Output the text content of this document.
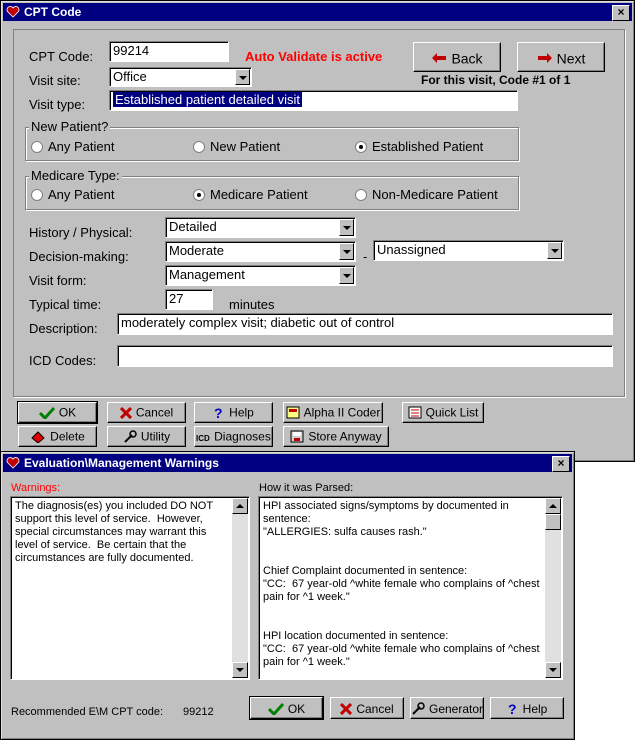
CPT Code	×
CPT Code:	99214	Auto Validate is active	Back	Next
For this visit, Code #1 of 1
Visit site:	Office
Visit type:	Established patient detailed visit
New Patient?
Any Patient	New Patient	Established Patient
Medicare Type:
Any Patient	Medicare Patient	Non-Medicare Patient
History / Physical:	Detailed
Decision-making:	Moderate	- Unassigned
Visit form:	Management
Typical time:	27	minutes
Description:	moderately complex visit; diabetic out of control
ICD Codes:
OK	Cancel	? Help	Alpha II Coder	Quick List
Delete	Utility	ICD Diagnoses	Store Anyway
Evaluation\Management Warnings	×
Warnings:
The diagnosis(es) you included DO NOT support this level of service.  However, special circumstances may warrant this level of service.  Be certain that the circumstances are fully documented.
How it was Parsed:
HPI associated signs/symptoms by documented in sentence:
"ALLERGIES: sulfa causes rash."

Chief Complaint documented in sentence:
"CC:  67 year-old ^white female who complains of ^chest pain for ^1 week."

HPI location documented in sentence:
"CC:  67 year-old ^white female who complains of ^chest pain for ^1 week."
Recommended E\M CPT code: 99212	OK	Cancel	Generator ? Help
